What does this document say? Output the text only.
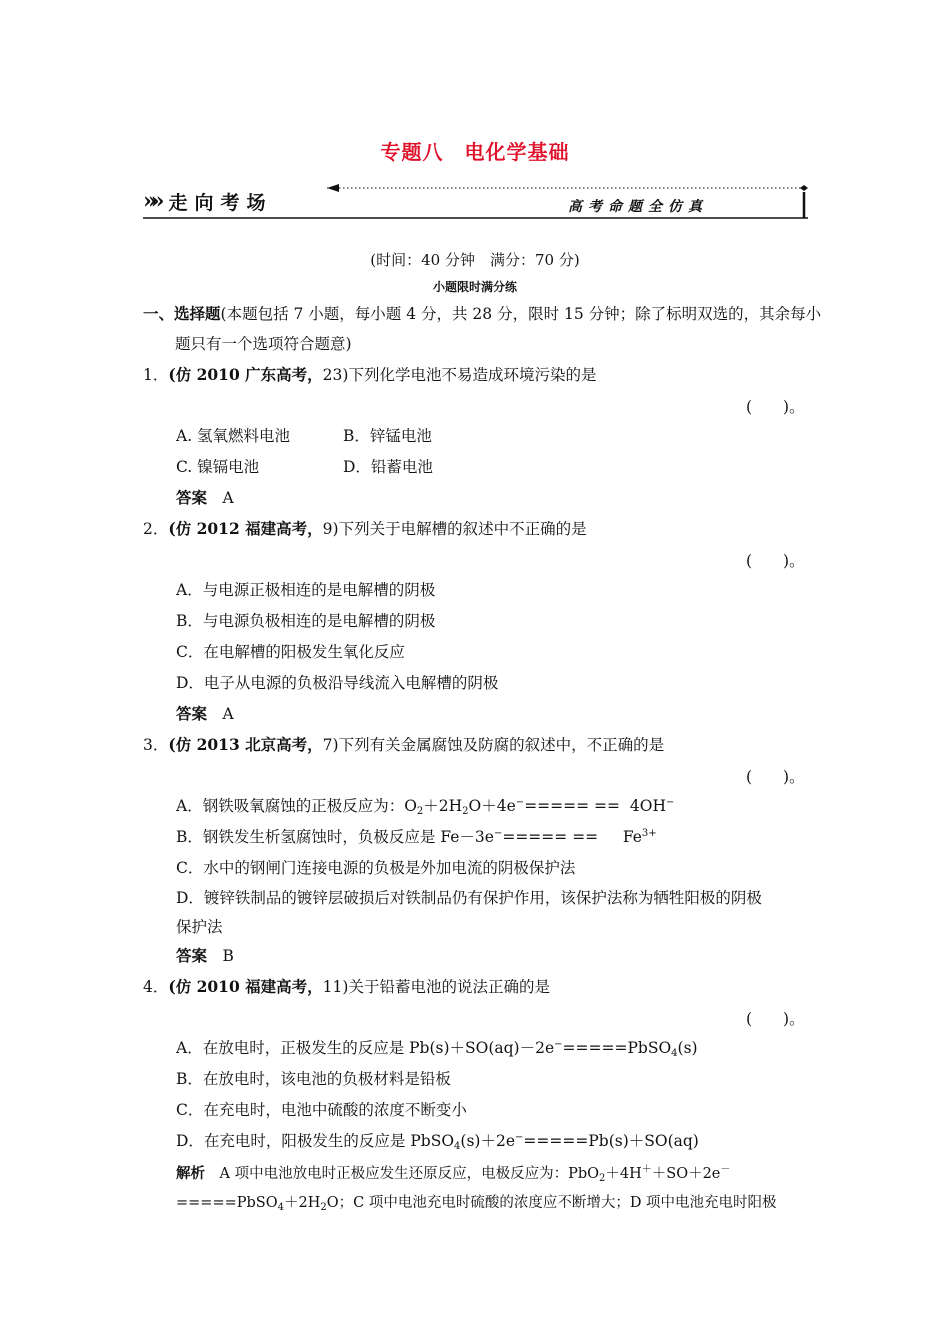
专题八　电化学基础
»» 走向考场	高考命题全仿真
(时间：40 分钟　满分：70 分)
小题限时满分练
一、选择题(本题包括 7 小题，每小题 4 分，共 28 分，限时 15 分钟；除了标明双选的，其余每小
题只有一个选项符合题意)
1．(仿 2010 广东高考，23)下列化学电池不易造成环境污染的是
(　　)。
A. 氢氧燃料电池	B．锌锰电池
C. 镍镉电池	D．铅蓄电池
答案　 A
2．(仿 2012 福建高考，9)下列关于电解槽的叙述中不正确的是
(　　)。
A．与电源正极相连的是电解槽的阴极
B．与电源负极相连的是电解槽的阴极
C．在电解槽的阳极发生氧化反应
D．电子从电源的负极沿导线流入电解槽的阴极
答案　 A
3．(仿 2013 北京高考，7)下列有关金属腐蚀及防腐的叙述中，不正确的是
(　　)。
A．钢铁吸氧腐蚀的正极反应为：$O_2+2H_2O+4e^-===== == 4OH^-$
B．钢铁发生析氢腐蚀时，负极反应是 $Fe-3e^-===== == Fe^{3+}$
C．水中的钢闸门连接电源的负极是外加电流的阴极保护法
D．镀锌铁制品的镀锌层破损后对铁制品仍有保护作用，该保护法称为牺牲阳极的阴极
保护法
答案　 B
4．(仿 2010 福建高考，11)关于铅蓄电池的说法正确的是
(　　)。
A．在放电时，正极发生的反应是 Pb(s)＋SO(aq)－2e−=====PbSO$_4$(s)
B．在放电时，该电池的负极材料是铅板
C．在充电时，电池中硫酸的浓度不断变小
D．在充电时，阳极发生的反应是 PbSO$_4$(s)＋2e−=====Pb(s)＋SO(aq)
解析　 A 项中电池放电时正极应发生还原反应，电极反应为：PbO$_2$＋4H＋＋SO＋2e－
$=====PbSO_4+2H_2O$；C 项中电池充电时硫酸的浓度应不断增大；D 项中电池充电时阳极
